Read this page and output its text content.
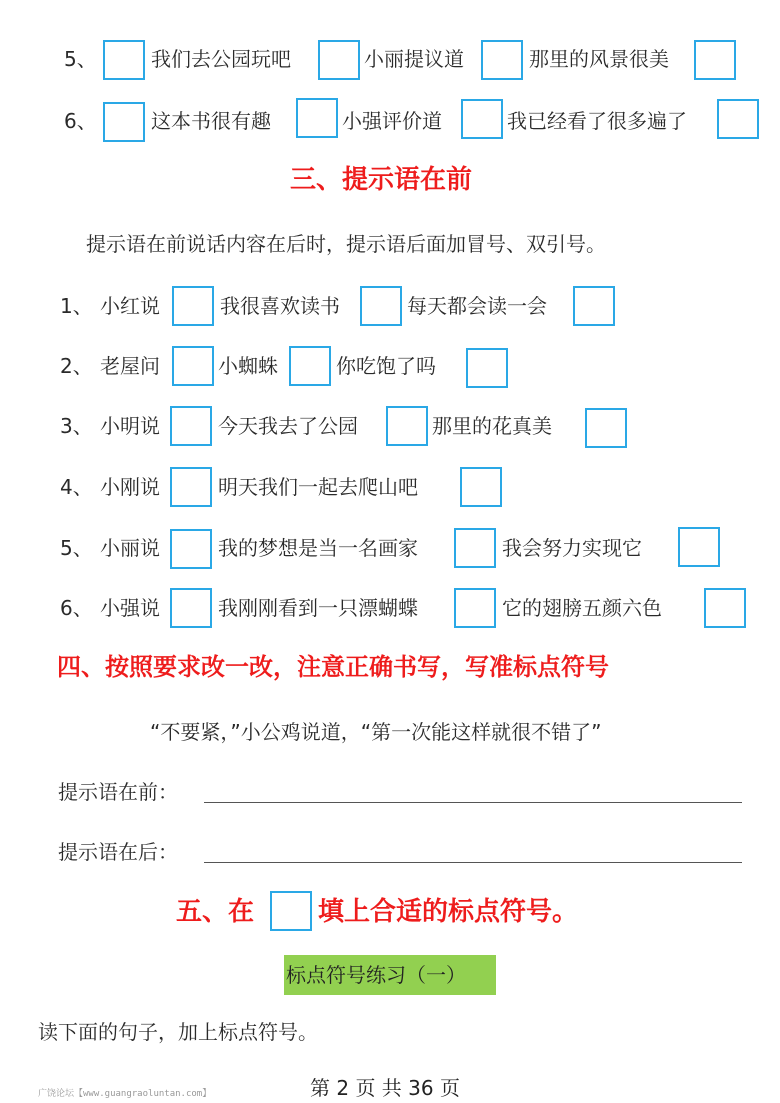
5、	我们去公园玩吧	小丽提议道	那里的风景很美
6、	这本书很有趣	小强评价道	我已经看了很多遍了
三、提示语在前
提示语在前说话内容在后时，提示语后面加冒号、双引号。
1、 小红说	我很喜欢读书	每天都会读一会
2、 老屋问	小蜘蛛	你吃饱了吗
3、 小明说	今天我去了公园	那里的花真美
4、 小刚说	明天我们一起去爬山吧
5、 小丽说	我的梦想是当一名画家	我会努力实现它
6、 小强说	我刚刚看到一只漂蝴蝶	它的翅膀五颜六色
四、按照要求改一改，注意正确书写，写准标点符号
“不要紧，”小公鸡说道，“第一次能这样就很不错了”
提示语在前：
提示语在后：
五、在 填上合适的标点符号。
标点符号练习（一）
读下面的句子，加上标点符号。
广饶论坛【www.guangraoluntan.com】	第 2 页 共 36 页
